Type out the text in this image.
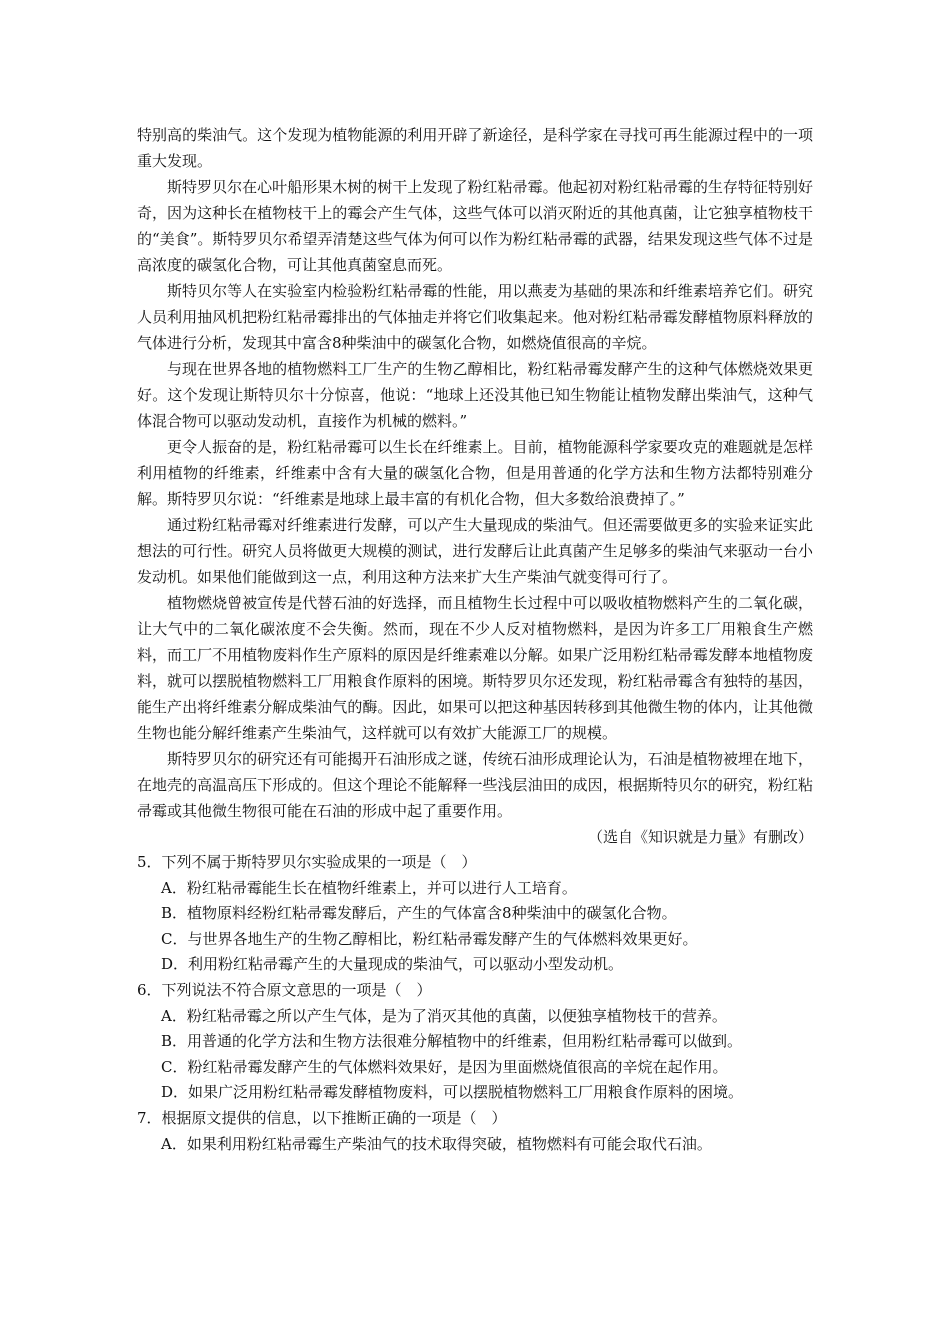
特别高的柴油气。这个发现为植物能源的利用开辟了新途径，是科学家在寻找可再生能源过程中的一项重大发现。

斯特罗贝尔在心叶船形果木树的树干上发现了粉红粘帚霉。他起初对粉红粘帚霉的生存特征特别好奇，因为这种长在植物枝干上的霉会产生气体，这些气体可以消灭附近的其他真菌，让它独享植物枝干的“美食”。斯特罗贝尔希望弄清楚这些气体为何可以作为粉红粘帚霉的武器，结果发现这些气体不过是高浓度的碳氢化合物，可让其他真菌窒息而死。

斯特贝尔等人在实验室内检验粉红粘帚霉的性能，用以燕麦为基础的果冻和纤维素培养它们。研究人员利用抽风机把粉红粘帚霉排出的气体抽走并将它们收集起来。他对粉红粘帚霉发酵植物原料释放的气体进行分析，发现其中富含8种柴油中的碳氢化合物，如燃烧值很高的辛烷。

与现在世界各地的植物燃料工厂生产的生物乙醇相比，粉红粘帚霉发酵产生的这种气体燃烧效果更好。这个发现让斯特贝尔十分惊喜，他说：“地球上还没其他已知生物能让植物发酵出柴油气，这种气体混合物可以驱动发动机，直接作为机械的燃料。”

更令人振奋的是，粉红粘帚霉可以生长在纤维素上。目前，植物能源科学家要攻克的难题就是怎样利用植物的纤维素，纤维素中含有大量的碳氢化合物，但是用普通的化学方法和生物方法都特别难分解。斯特罗贝尔说：“纤维素是地球上最丰富的有机化合物，但大多数给浪费掉了。”

通过粉红粘帚霉对纤维素进行发酵，可以产生大量现成的柴油气。但还需要做更多的实验来证实此想法的可行性。研究人员将做更大规模的测试，进行发酵后让此真菌产生足够多的柴油气来驱动一台小发动机。如果他们能做到这一点，利用这种方法来扩大生产柴油气就变得可行了。

植物燃烧曾被宣传是代替石油的好选择，而且植物生长过程中可以吸收植物燃料产生的二氧化碳，让大气中的二氧化碳浓度不会失衡。然而，现在不少人反对植物燃料，是因为许多工厂用粮食生产燃料，而工厂不用植物废料作生产原料的原因是纤维素难以分解。如果广泛用粉红粘帚霉发酵本地植物废料，就可以摆脱植物燃料工厂用粮食作原料的困境。斯特罗贝尔还发现，粉红粘帚霉含有独特的基因，能生产出将纤维素分解成柴油气的酶。因此，如果可以把这种基因转移到其他微生物的体内，让其他微生物也能分解纤维素产生柴油气，这样就可以有效扩大能源工厂的规模。

斯特罗贝尔的研究还有可能揭开石油形成之谜，传统石油形成理论认为，石油是植物被埋在地下，在地壳的高温高压下形成的。但这个理论不能解释一些浅层油田的成因，根据斯特贝尔的研究，粉红粘帚霉或其他微生物很可能在石油的形成中起了重要作用。

（选自《知识就是力量》有删改）

5．下列不属于斯特罗贝尔实验成果的一项是（　）

A．粉红粘帚霉能生长在植物纤维素上，并可以进行人工培育。

B．植物原料经粉红粘帚霉发酵后，产生的气体富含8种柴油中的碳氢化合物。

C．与世界各地生产的生物乙醇相比，粉红粘帚霉发酵产生的气体燃料效果更好。

D．利用粉红粘帚霉产生的大量现成的柴油气，可以驱动小型发动机。

6．下列说法不符合原文意思的一项是（　）

A．粉红粘帚霉之所以产生气体，是为了消灭其他的真菌，以便独享植物枝干的营养。

B．用普通的化学方法和生物方法很难分解植物中的纤维素，但用粉红粘帚霉可以做到。

C．粉红粘帚霉发酵产生的气体燃料效果好，是因为里面燃烧值很高的辛烷在起作用。

D．如果广泛用粉红粘帚霉发酵植物废料，可以摆脱植物燃料工厂用粮食作原料的困境。

7．根据原文提供的信息，以下推断正确的一项是（　）

A．如果利用粉红粘帚霉生产柴油气的技术取得突破，植物燃料有可能会取代石油。
